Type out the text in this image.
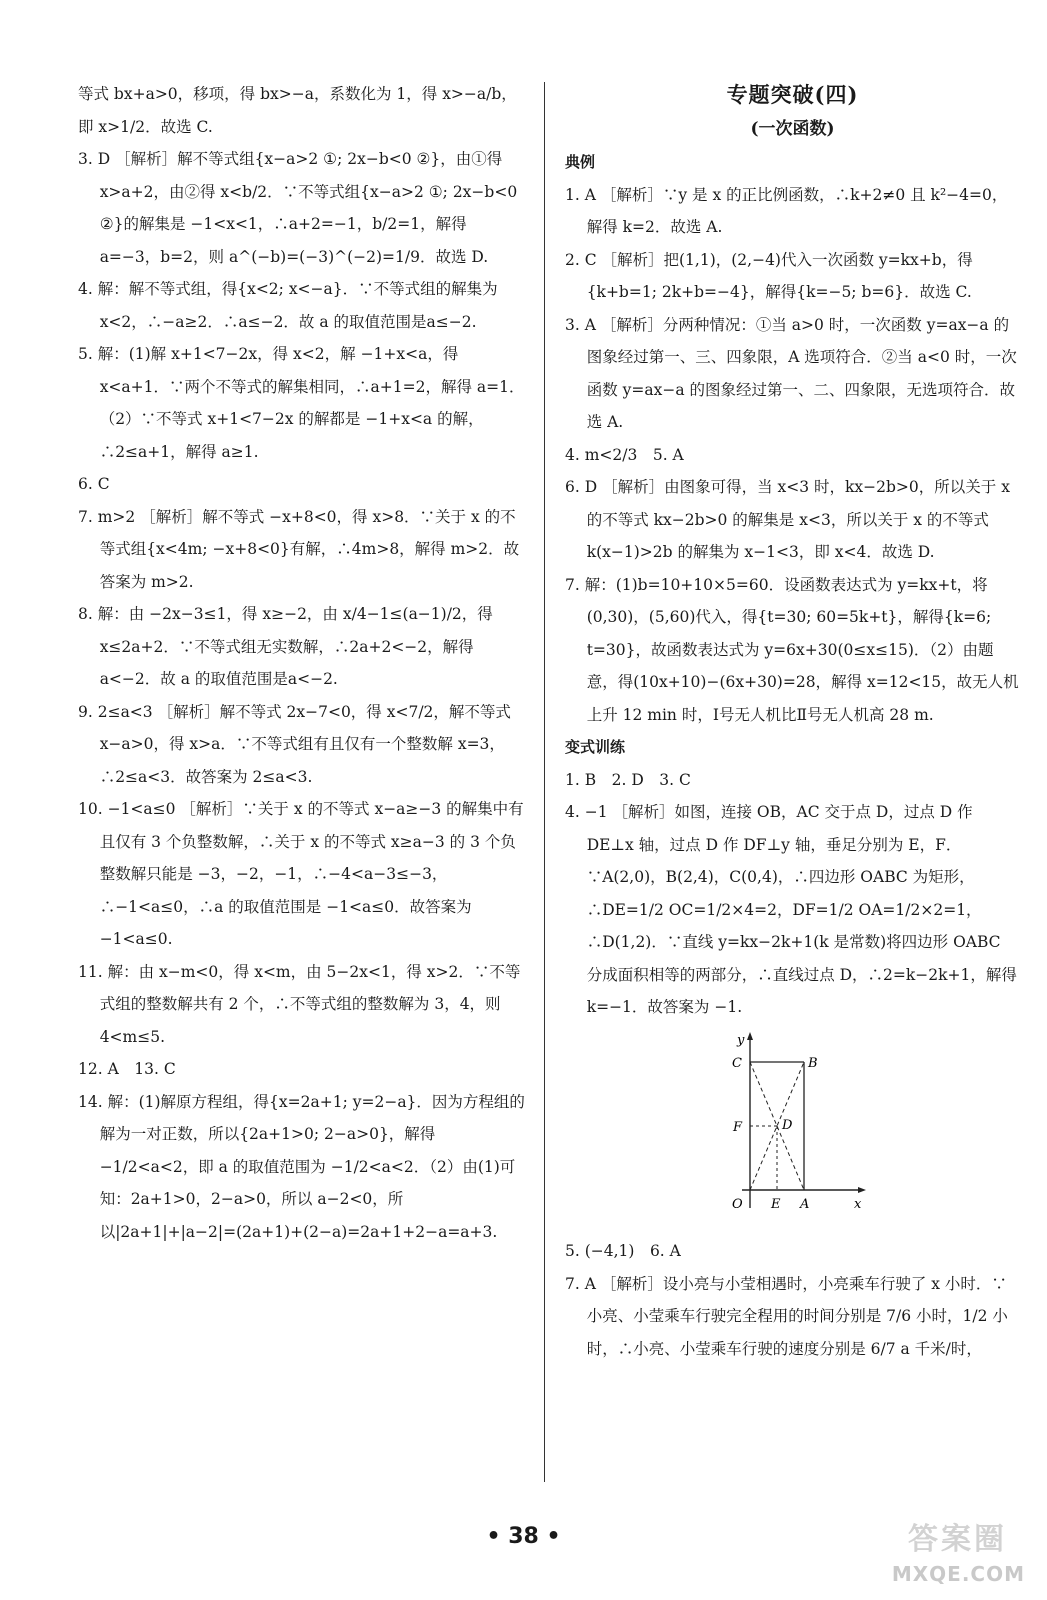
等式 bx+a>0，移项，得 bx>−a，系数化为 1，得 x>−a/b，即 x>1/2．故选 C.

3. D ［解析］解不等式组{x−a>2 ①; 2x−b<0 ②}，由①得 x>a+2，由②得 x<b/2．∵不等式组{x−a>2 ①; 2x−b<0 ②}的解集是 −1<x<1，∴a+2=−1，b/2=1，解得 a=−3，b=2，则 a^(−b)=(−3)^(−2)=1/9．故选 D.

4. 解：解不等式组，得{x<2; x<−a}．∵不等式组的解集为 x<2，∴−a≥2．∴a≤−2．故 a 的取值范围是a≤−2.

5. 解：(1)解 x+1<7−2x，得 x<2，解 −1+x<a，得 x<a+1．∵两个不等式的解集相同，∴a+1=2，解得 a=1．（2）∵不等式 x+1<7−2x 的解都是 −1+x<a 的解，∴2≤a+1，解得 a≥1.

6. C

7. m>2 ［解析］解不等式 −x+8<0，得 x>8．∵关于 x 的不等式组{x<4m; −x+8<0}有解，∴4m>8，解得 m>2．故答案为 m>2.

8. 解：由 −2x−3≤1，得 x≥−2，由 x/4−1≤(a−1)/2，得 x≤2a+2．∵不等式组无实数解，∴2a+2<−2，解得 a<−2．故 a 的取值范围是a<−2.

9. 2≤a<3 ［解析］解不等式 2x−7<0，得 x<7/2，解不等式 x−a>0，得 x>a．∵不等式组有且仅有一个整数解 x=3，∴2≤a<3．故答案为 2≤a<3.

10. −1<a≤0 ［解析］∵关于 x 的不等式 x−a≥−3 的解集中有且仅有 3 个负整数解，∴关于 x 的不等式 x≥a−3 的 3 个负整数解只能是 −3，−2，−1，∴−4<a−3≤−3，∴−1<a≤0，∴a 的取值范围是 −1<a≤0．故答案为 −1<a≤0.

11. 解：由 x−m<0，得 x<m，由 5−2x<1，得 x>2．∵不等式组的整数解共有 2 个，∴不等式组的整数解为 3，4，则 4<m≤5.

12. A　13. C

14. 解：(1)解原方程组，得{x=2a+1; y=2−a}．因为方程组的解为一对正数，所以{2a+1>0; 2−a>0}，解得 −1/2<a<2，即 a 的取值范围为 −1/2<a<2．（2）由(1)可知：2a+1>0，2−a>0，所以 a−2<0，所以|2a+1|+|a−2|=(2a+1)+(2−a)=2a+1+2−a=a+3.

专题突破(四)

(一次函数)

典例

1. A ［解析］∵y 是 x 的正比例函数，∴k+2≠0 且 k²−4=0，解得 k=2．故选 A.

2. C ［解析］把(1,1)，(2,−4)代入一次函数 y=kx+b，得{k+b=1; 2k+b=−4}，解得{k=−5; b=6}．故选 C.

3. A ［解析］分两种情况：①当 a>0 时，一次函数 y=ax−a 的图象经过第一、三、四象限，A 选项符合．②当 a<0 时，一次函数 y=ax−a 的图象经过第一、二、四象限，无选项符合．故选 A.

4. m<2/3　5. A

6. D ［解析］由图象可得，当 x<3 时，kx−2b>0，所以关于 x 的不等式 kx−2b>0 的解集是 x<3，所以关于 x 的不等式 k(x−1)>2b 的解集为 x−1<3，即 x<4．故选 D.

7. 解：(1)b=10+10×5=60．设函数表达式为 y=kx+t，将(0,30)，(5,60)代入，得{t=30; 60=5k+t}，解得{k=6; t=30}，故函数表达式为 y=6x+30(0≤x≤15)．（2）由题意，得(10x+10)−(6x+30)=28，解得 x=12<15，故无人机上升 12 min 时，Ⅰ号无人机比Ⅱ号无人机高 28 m.

变式训练

1. B　2. D　3. C

4. −1 ［解析］如图，连接 OB，AC 交于点 D，过点 D 作 DE⊥x 轴，过点 D 作 DF⊥y 轴，垂足分别为 E，F．∵A(2,0)，B(2,4)，C(0,4)，∴四边形 OABC 为矩形，∴DE=1/2 OC=1/2×4=2，DF=1/2 OA=1/2×2=1，∴D(1,2)．∵直线 y=kx−2k+1(k 是常数)将四边形 OABC 分成面积相等的两部分，∴直线过点 D，∴2=k−2k+1，解得 k=−1．故答案为 −1.

y
C	B
F	D
O E A	x

5. (−4,1)　6. A

7. A ［解析］设小亮与小莹相遇时，小亮乘车行驶了 x 小时．∵小亮、小莹乘车行驶完全程用的时间分别是 7/6 小时，1/2 小时，∴小亮、小莹乘车行驶的速度分别是 6/7 a 千米/时，

• 38 •	答案圈
MXQE.COM
